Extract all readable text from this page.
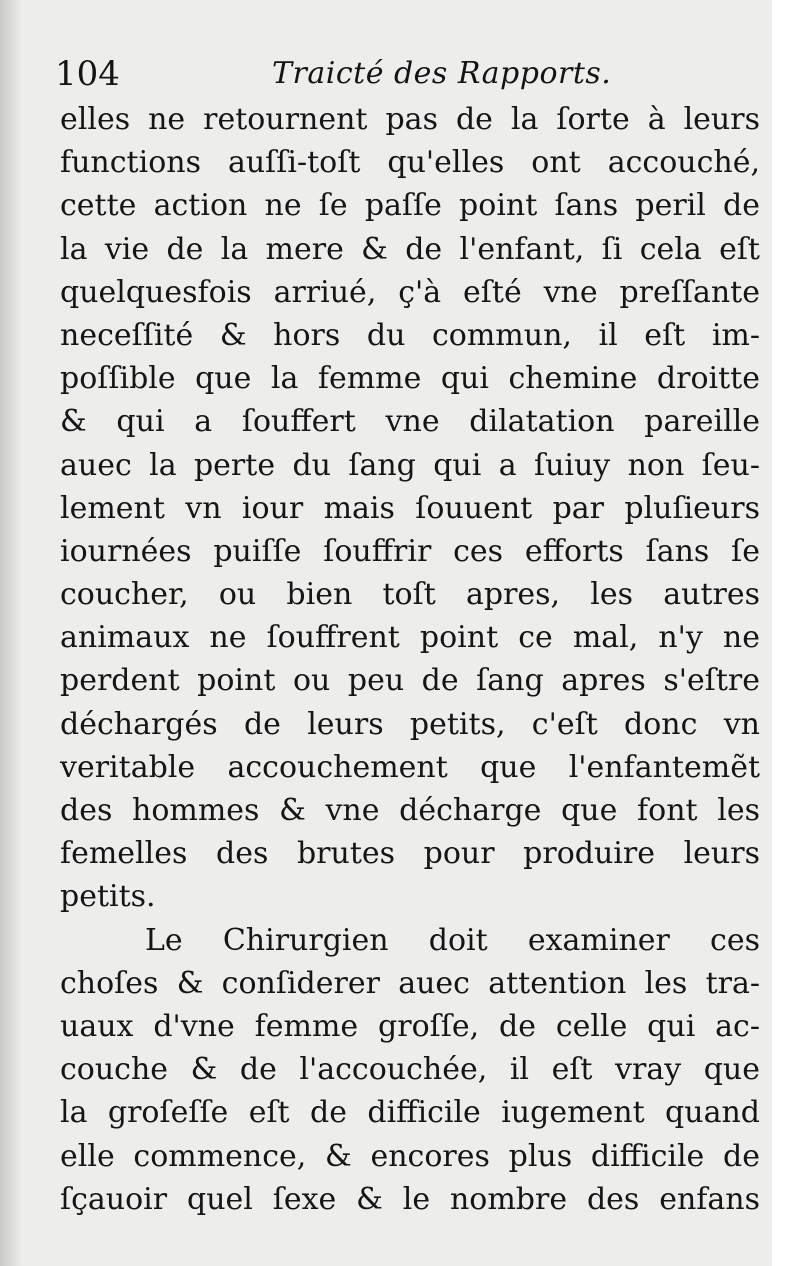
104	Traicté des Rapports.
elles ne retournent pas de la ſorte à leurs
functions auſſi-toſt qu'elles ont accouché,
cette action ne ſe paſſe point ſans peril de
la vie de la mere & de l'enfant, ſi cela eſt
quelquesfois arriué, ç'à eſté vne preſſante
neceſſité & hors du commun, il eſt im-
poſſible que la femme qui chemine droitte
& qui a ſouffert vne dilatation pareille
auec la perte du ſang qui a ſuiuy non ſeu-
lement vn iour mais ſouuent par pluſieurs
iournées puiſſe ſouffrir ces efforts ſans ſe
coucher, ou bien toſt apres, les autres
animaux ne ſouffrent point ce mal, n'y ne
perdent point ou peu de ſang apres s'eſtre
déchargés de leurs petits, c'eſt donc vn
veritable accouchement que l'enfantemẽt
des hommes & vne décharge que font les
femelles des brutes pour produire leurs
petits.
Le Chirurgien doit examiner ces
choſes & conſiderer auec attention les tra-
uaux d'vne femme groſſe, de celle qui ac-
couche & de l'accouchée, il eſt vray que
la groſeſſe eſt de difficile iugement quand
elle commence, & encores plus difficile de
ſçauoir quel ſexe & le nombre des enfans
